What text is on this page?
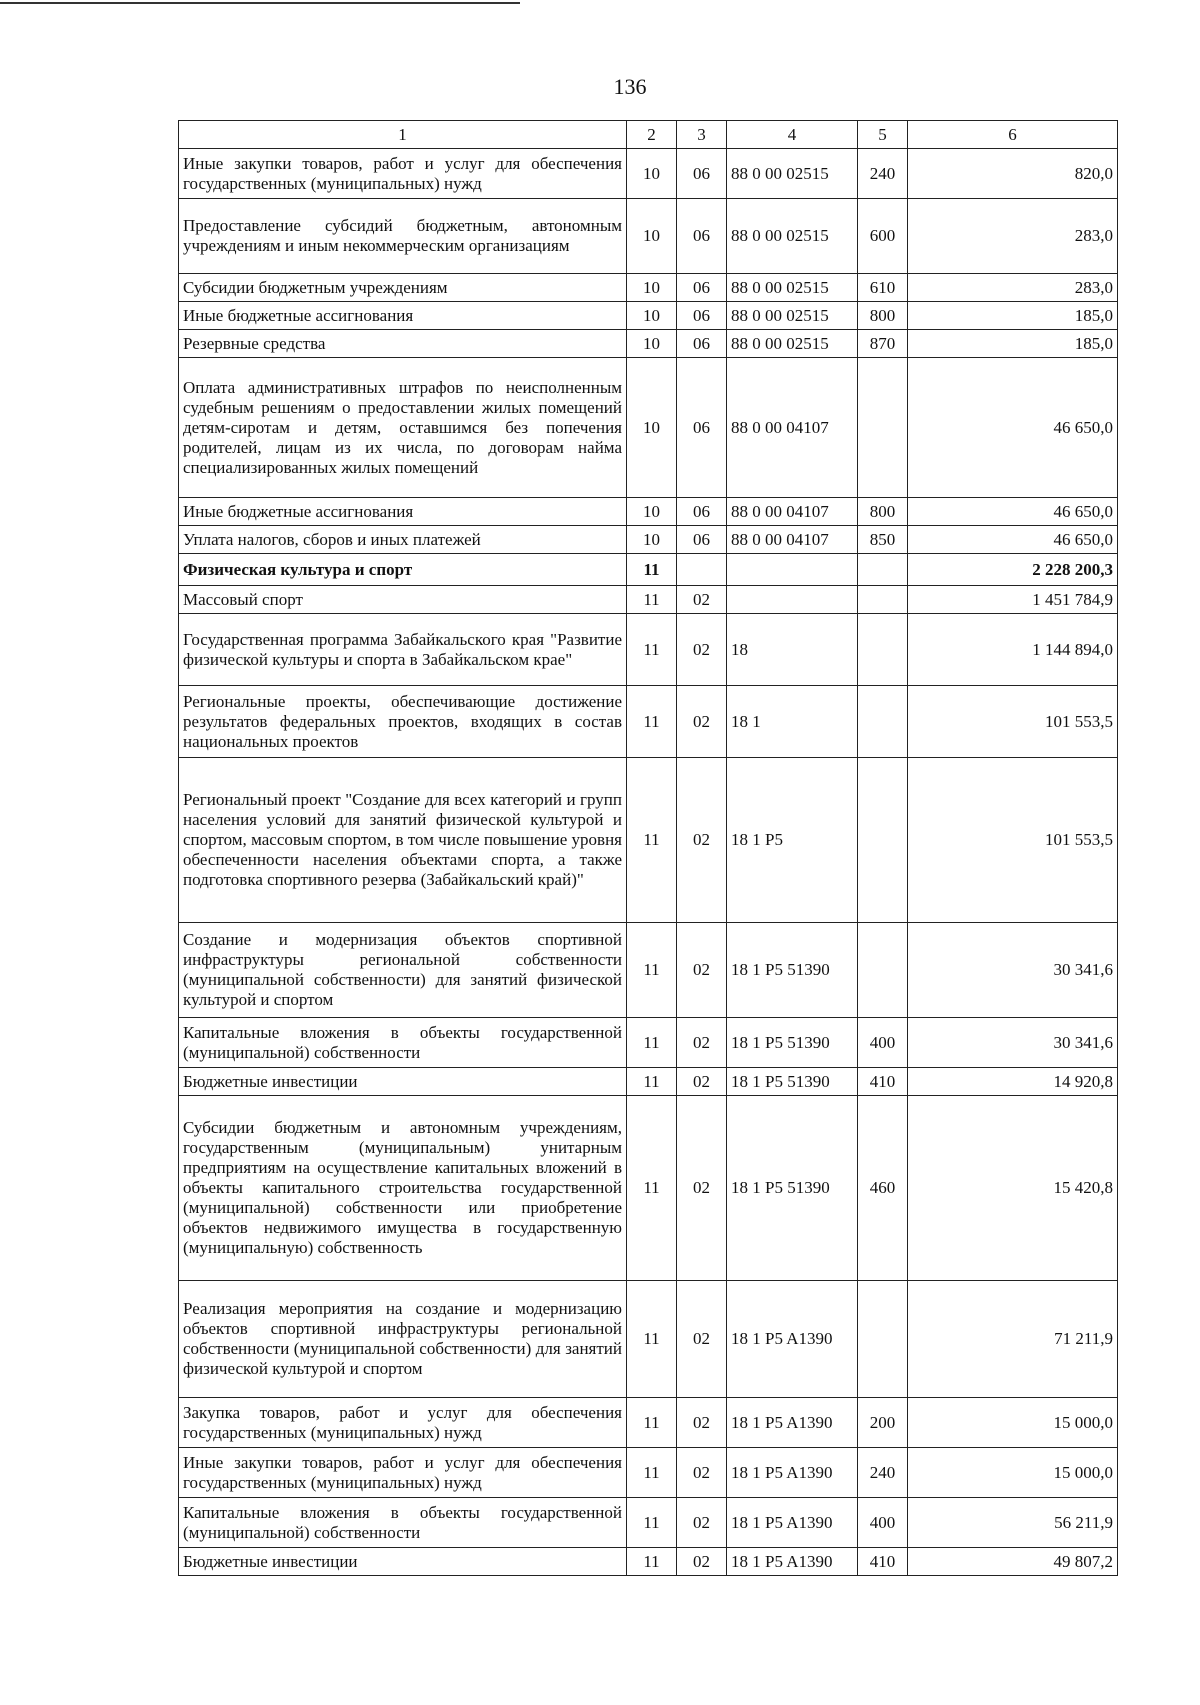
136
1	2	3	4	5	6
Иные закупки товаров, работ и услуг для обеспечения государственных (муниципальных) нужд	10	06	88 0 00 02515	240	820,0
Предоставление субсидий бюджетным, автономным учреждениям и иным некоммерческим организациям	10	06	88 0 00 02515	600	283,0
Субсидии бюджетным учреждениям	10	06	88 0 00 02515	610	283,0
Иные бюджетные ассигнования	10	06	88 0 00 02515	800	185,0
Резервные средства	10	06	88 0 00 02515	870	185,0
Оплата административных штрафов по неисполненным судебным решениям о предоставлении жилых помещений детям-сиротам и детям, оставшимся без попечения родителей, лицам из их числа, по договорам найма специализированных жилых помещений	10	06	88 0 00 04107		46 650,0
Иные бюджетные ассигнования	10	06	88 0 00 04107	800	46 650,0
Уплата налогов, сборов и иных платежей	10	06	88 0 00 04107	850	46 650,0
Физическая культура и спорт	11				2 228 200,3
Массовый спорт	11	02			1 451 784,9
Государственная программа Забайкальского края "Развитие физической культуры и спорта в Забайкальском крае"	11	02	18		1 144 894,0
Региональные проекты, обеспечивающие достижение результатов федеральных проектов, входящих в состав национальных проектов	11	02	18 1		101 553,5
Региональный проект "Создание для всех категорий и групп населения условий для занятий физической культурой и спортом, массовым спортом, в том числе повышение уровня обеспеченности населения объектами спорта, а также подготовка спортивного резерва (Забайкальский край)"	11	02	18 1 P5		101 553,5
Создание и модернизация объектов спортивной инфраструктуры региональной собственности (муниципальной собственности) для занятий физической культурой и спортом	11	02	18 1 P5 51390		30 341,6
Капитальные вложения в объекты государственной (муниципальной) собственности	11	02	18 1 P5 51390	400	30 341,6
Бюджетные инвестиции	11	02	18 1 P5 51390	410	14 920,8
Субсидии бюджетным и автономным учреждениям, государственным (муниципальным) унитарным предприятиям на осуществление капитальных вложений в объекты капитального строительства государственной (муниципальной) собственности или приобретение объектов недвижимого имущества в государственную (муниципальную) собственность	11	02	18 1 P5 51390	460	15 420,8
Реализация мероприятия на создание и модернизацию объектов спортивной инфраструктуры региональной собственности (муниципальной собственности) для занятий физической культурой и спортом	11	02	18 1 P5 A1390		71 211,9
Закупка товаров, работ и услуг для обеспечения государственных (муниципальных) нужд	11	02	18 1 P5 A1390	200	15 000,0
Иные закупки товаров, работ и услуг для обеспечения государственных (муниципальных) нужд	11	02	18 1 P5 A1390	240	15 000,0
Капитальные вложения в объекты государственной (муниципальной) собственности	11	02	18 1 P5 A1390	400	56 211,9
Бюджетные инвестиции	11	02	18 1 P5 A1390	410	49 807,2
